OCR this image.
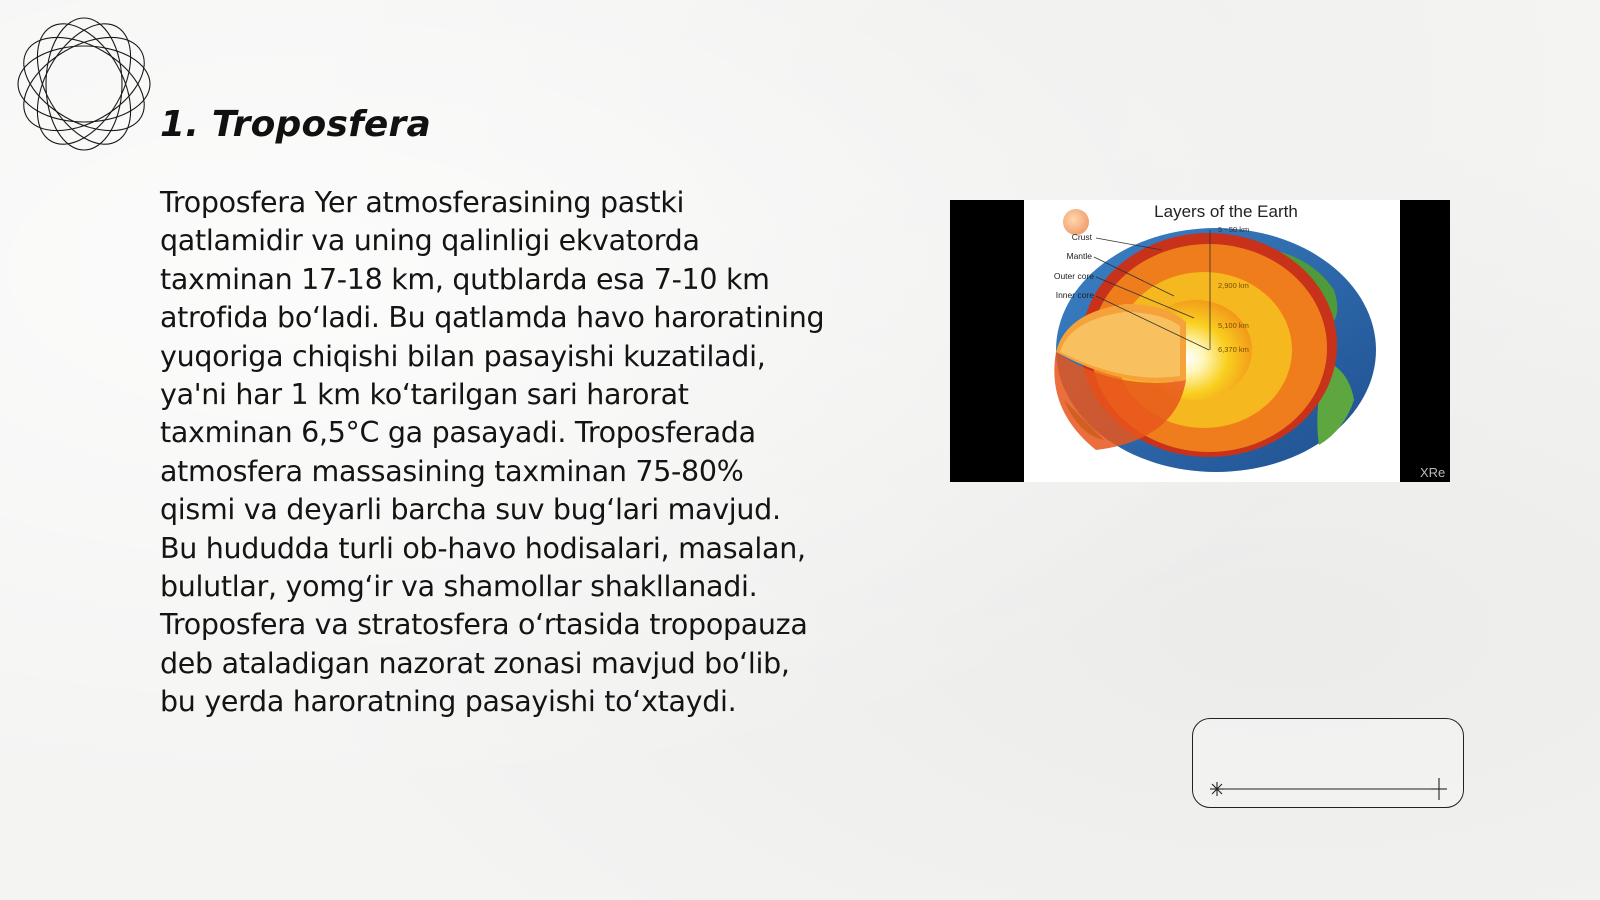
1. Troposfera

Troposfera Yer atmosferasining pastki qatlamidir va uning qalinligi ekvatorda taxminan 17-18 km, qutblarda esa 7-10 km atrofida bo‘ladi. Bu qatlamda havo haroratining yuqoriga chiqishi bilan pasayishi kuzatiladi, ya'ni har 1 km ko‘tarilgan sari harorat taxminan 6,5°C ga pasayadi. Troposferada atmosfera massasining taxminan 75-80% qismi va deyarli barcha suv bug‘lari mavjud. Bu hududda turli ob-havo hodisalari, masalan, bulutlar, yomg‘ir va shamollar shakllanadi. Troposfera va stratosfera o‘rtasida tropopauza deb ataladigan nazorat zonasi mavjud bo‘lib, bu yerda haroratning pasayishi to‘xtaydi.

Crust
Mantle
Outer core
Inner core
5 - 50 km
2,900 km
5,100 km
6,370 km
Layers of the Earth
XRe
